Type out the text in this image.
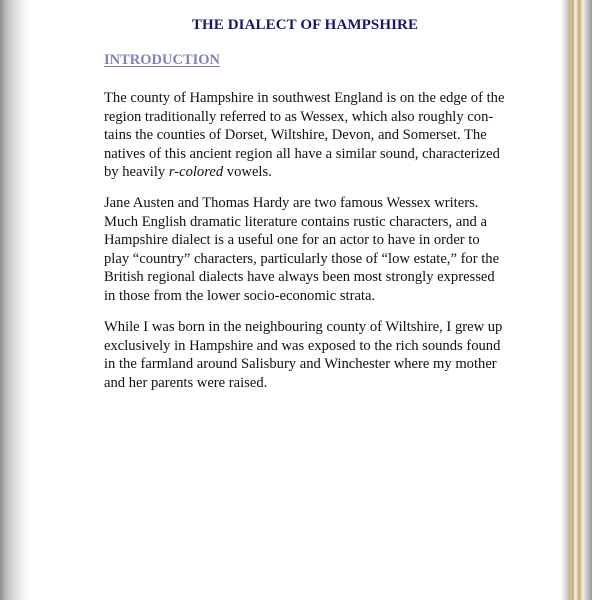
THE DIALECT OF HAMPSHIRE
INTRODUCTION
The county of Hampshire in southwest England is on the edge of the
region traditionally referred to as Wessex, which also roughly con-
tains the counties of Dorset, Wiltshire, Devon, and Somerset. The
natives of this ancient region all have a similar sound, characterized
by heavily r-colored vowels.
Jane Austen and Thomas Hardy are two famous Wessex writers.
Much English dramatic literature contains rustic characters, and a
Hampshire dialect is a useful one for an actor to have in order to
play “country” characters, particularly those of “low estate,” for the
British regional dialects have always been most strongly expressed
in those from the lower socio-economic strata.
While I was born in the neighbouring county of Wiltshire, I grew up
exclusively in Hampshire and was exposed to the rich sounds found
in the farmland around Salisbury and Winchester where my mother
and her parents were raised.
